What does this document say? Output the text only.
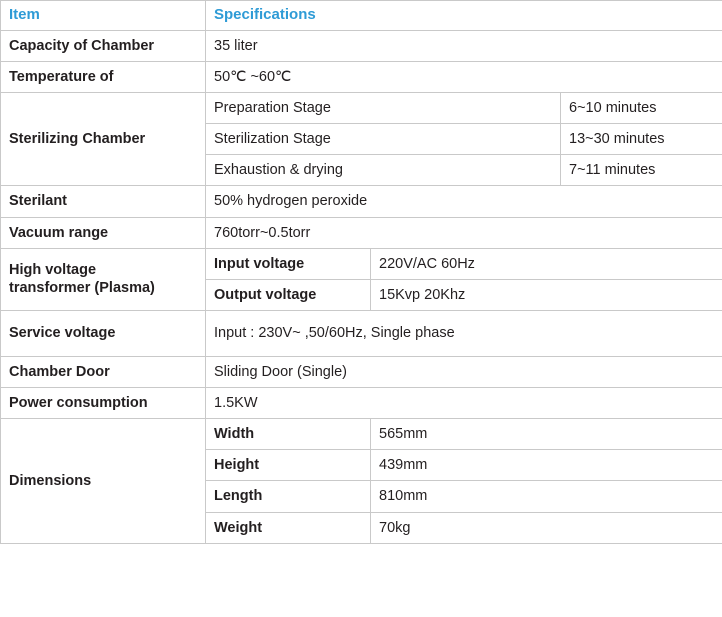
Item	Specifications		
Capacity of Chamber	35 liter		
Temperature of	50℃ ~60℃		
Sterilizing Chamber	Preparation Stage		6~10 minutes
	Sterilization Stage		13~30 minutes
	Exhaustion & drying		7~11 minutes
Sterilant	50% hydrogen peroxide		
Vacuum range	760torr~0.5torr		
High voltage
transformer (Plasma)	Input voltage	220V/AC 60Hz	
	Output voltage	15Kvp 20Khz	
Service voltage	Input : 230V~ ,50/60Hz, Single phase		
Chamber Door	Sliding Door (Single)		
Power consumption	1.5KW		
Dimensions	Width	565mm	
	Height	439mm	
	Length	810mm	
	Weight	70kg	
